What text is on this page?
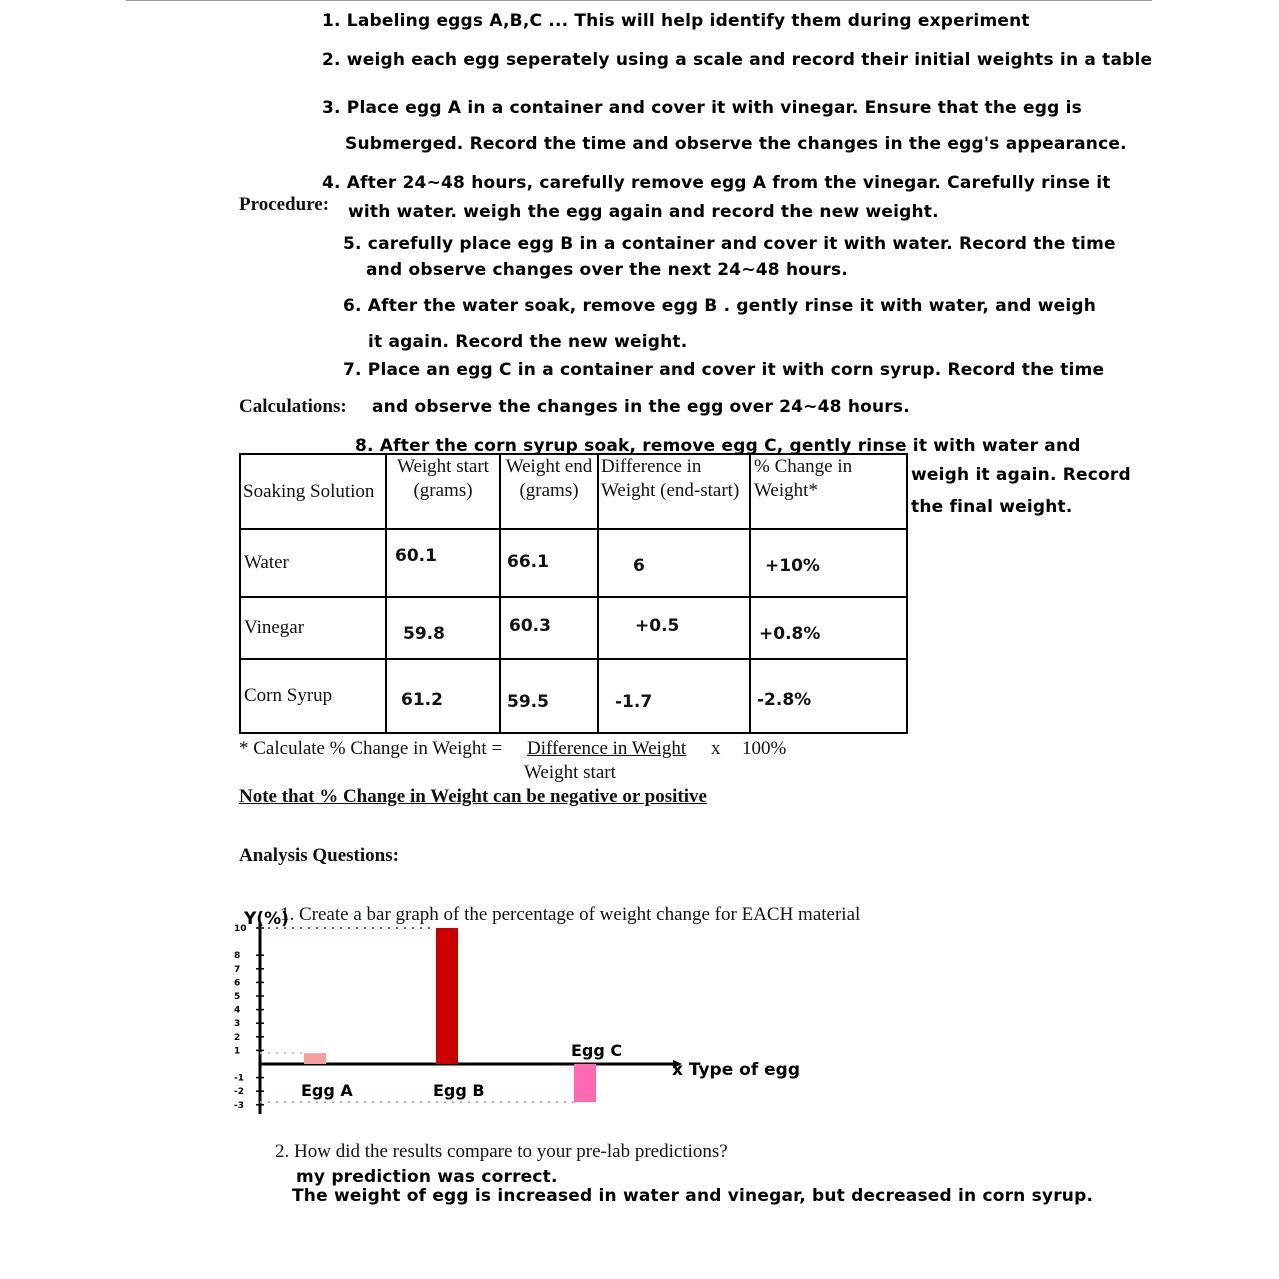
1. Labeling eggs A,B,C ... This will help identify them during experiment
2. weigh each egg seperately using a scale and record their initial weights in a table
3. Place egg A in a container and cover it with vinegar. Ensure that the egg is
Submerged. Record the time and observe the changes in the egg's appearance.
4. After 24~48 hours, carefully remove egg A from the vinegar. Carefully rinse it
Procedure: with water. weigh the egg again and record the new weight.
5. carefully place egg B in a container and cover it with water. Record the time
and observe changes over the next 24~48 hours.
6. After the water soak, remove egg B . gently rinse it with water, and weigh
it again. Record the new weight.
7. Place an egg C in a container and cover it with corn syrup. Record the time
Calculations: and observe the changes in the egg over 24~48 hours.
8. After the corn syrup soak, remove egg C, gently rinse it with water and
weigh it again. Record
the final weight.
Soaking Solution	Weight start (grams)	Weight end (grams)	Difference in Weight (end-start)	% Change in Weight*
Water	60.1	66.1	6	+10%

Vinegar	59.8	60.3	+0.5	+0.8%

Corn Syrup	61.2	59.5	-1.7	-2.8%
* Calculate % Change in Weight = Difference in Weight x 100%
Weight start
Note that % Change in Weight can be negative or positive
Analysis Questions:
1. Create a bar graph of the percentage of weight change for EACH material
Y(%)
10
8
7
6
5
4
3
2
1
-1
-2
-3
Egg A	Egg B
Egg C
x Type of egg
2. How did the results compare to your pre-lab predictions?
my prediction was correct.
The weight of egg is increased in water and vinegar, but decreased in corn syrup.
